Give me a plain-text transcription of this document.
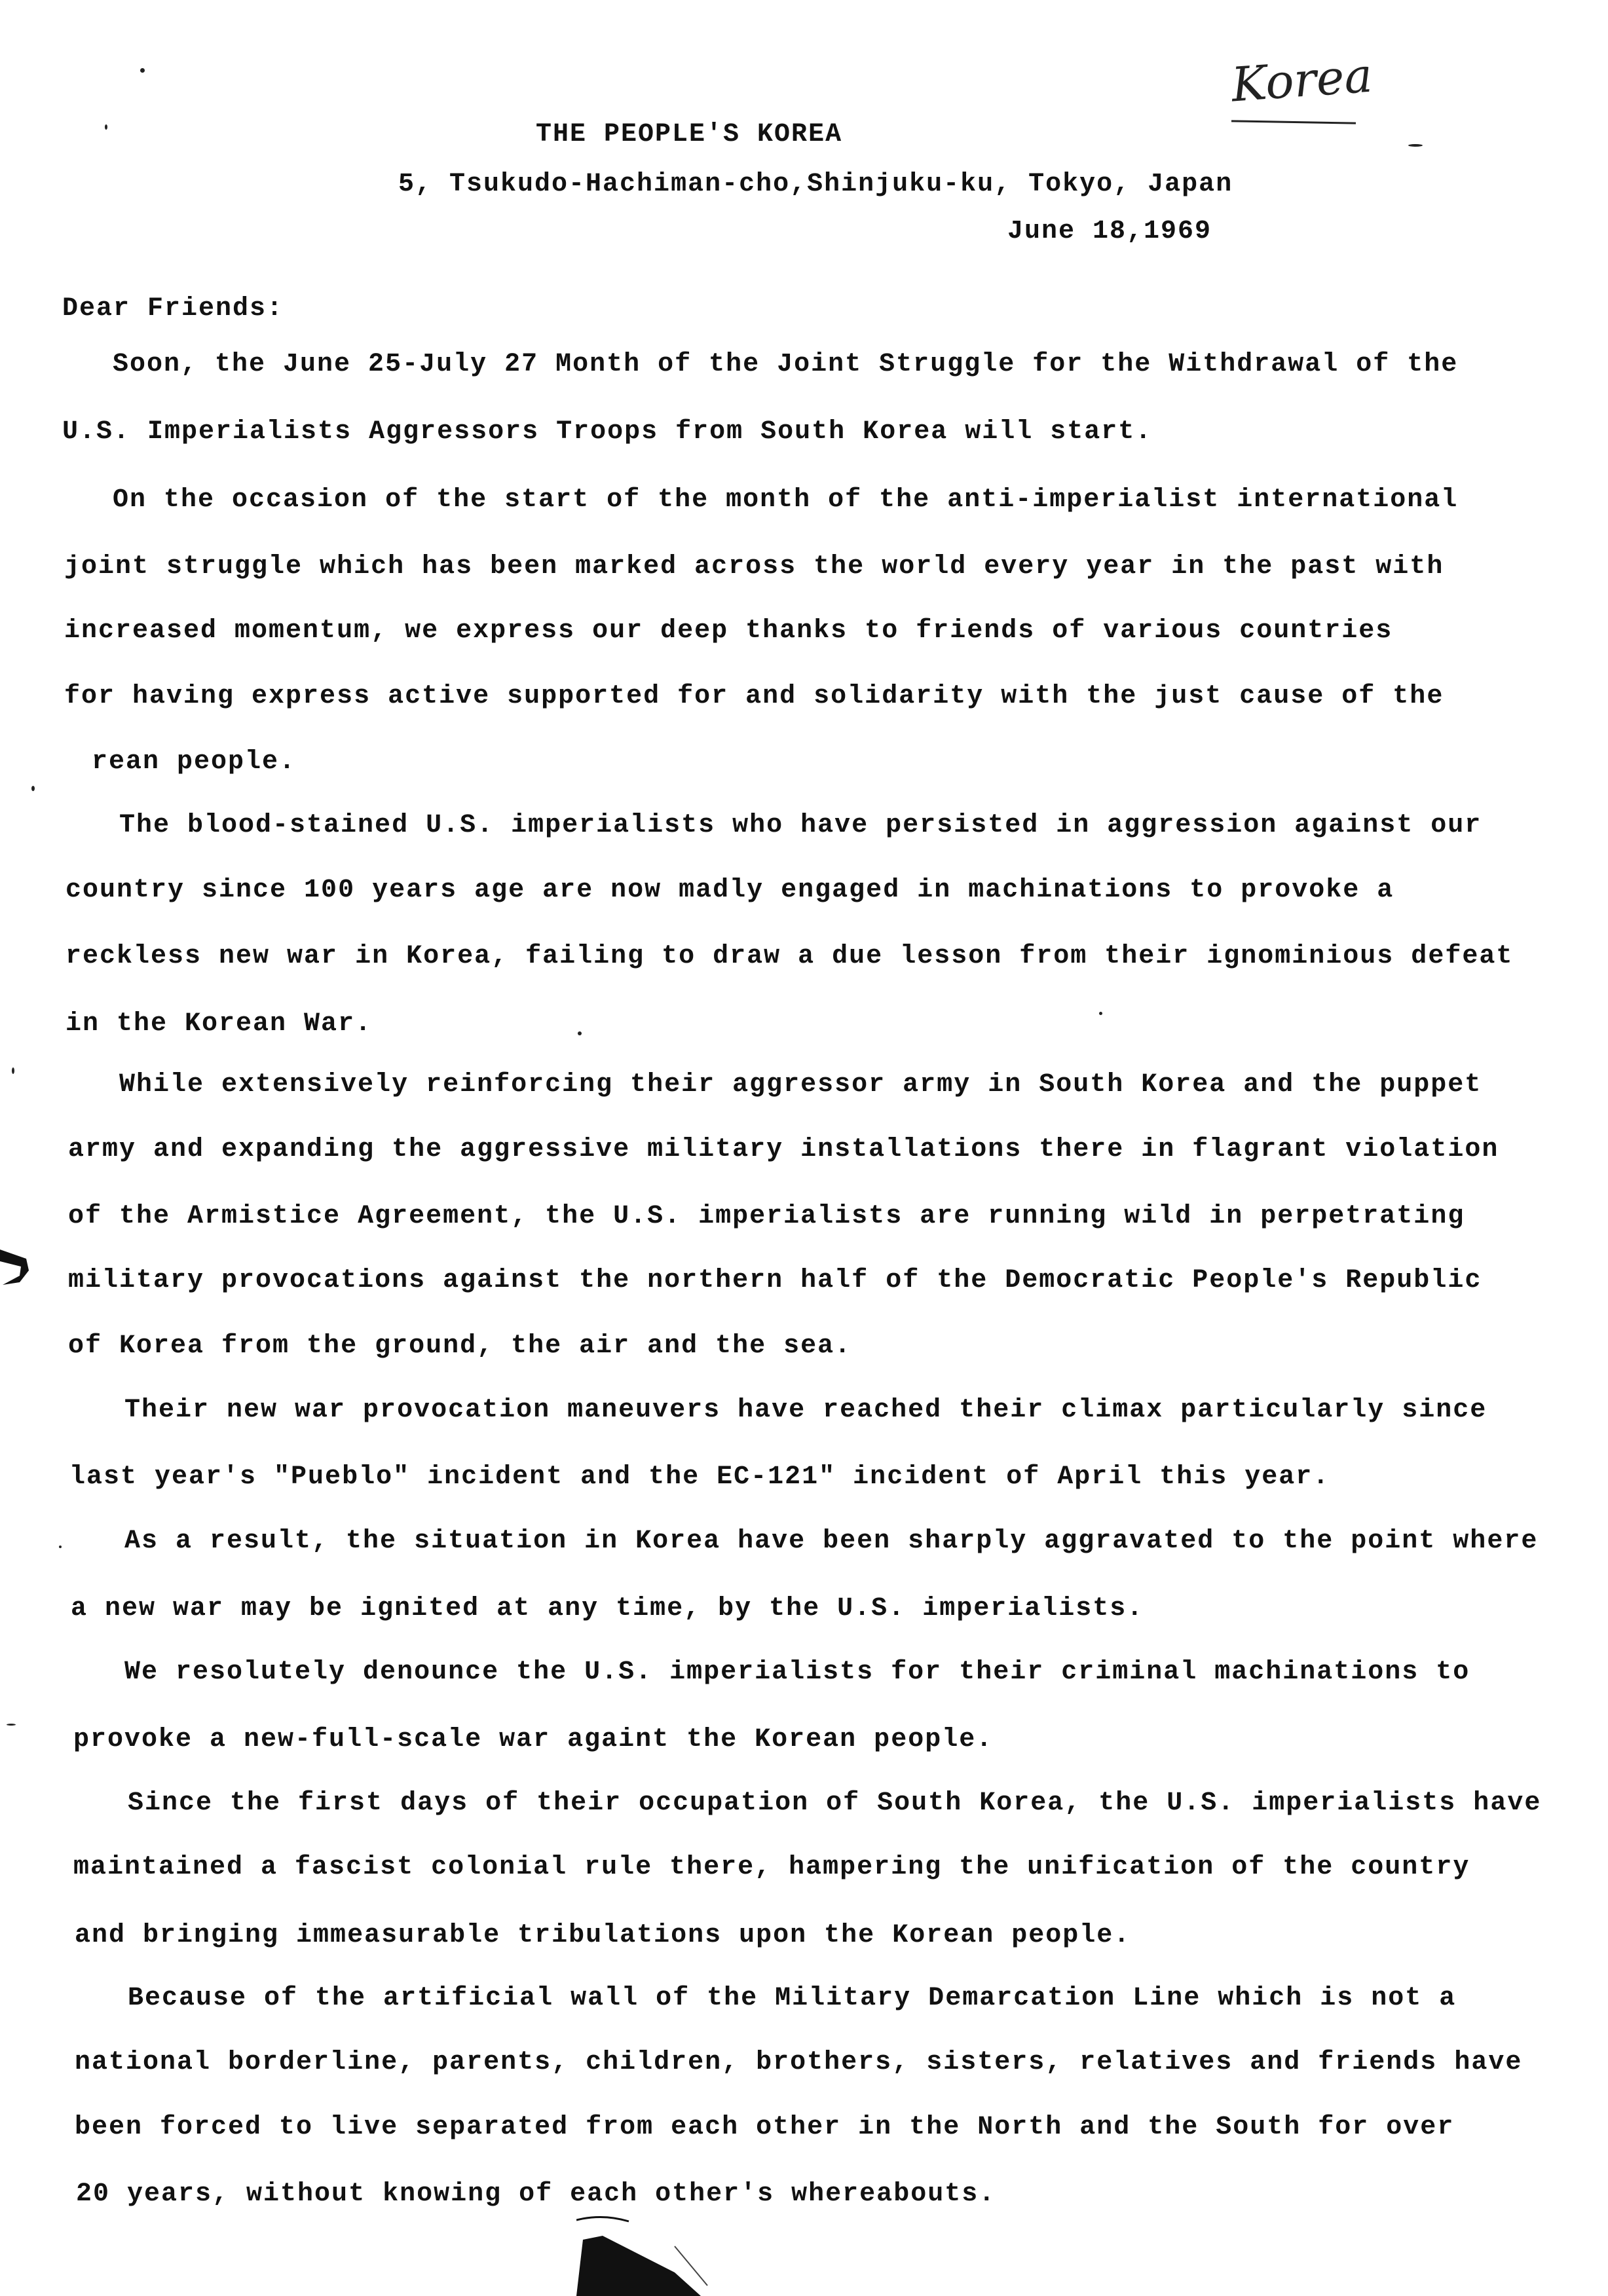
Korea
THE PEOPLE'S KOREA
5, Tsukudo-Hachiman-cho,Shinjuku-ku, Tokyo, Japan
June 18,1969
Dear Friends:
Soon, the June 25-July 27 Month of the Joint Struggle for the Withdrawal of the
U.S. Imperialists Aggressors Troops from South Korea will start.
On the occasion of the start of the month of the anti-imperialist international
joint struggle which has been marked across the world every year in the past with
increased momentum, we express our deep thanks to friends of various countries
for having express active supported for and solidarity with the just cause of the
rean people.
The blood-stained U.S. imperialists who have persisted in aggression against our
country since 100 years age are now madly engaged in machinations to provoke a
reckless new war in Korea, failing to draw a due lesson from their ignominious defeat
in the Korean War.
While extensively reinforcing their aggressor army in South Korea and the puppet
army and expanding the aggressive military installations there in flagrant violation
of the Armistice Agreement, the U.S. imperialists are running wild in perpetrating
military provocations against the northern half of the Democratic People's Republic
of Korea from the ground, the air and the sea.
Their new war provocation maneuvers have reached their climax particularly since
last year's "Pueblo" incident and the EC-121" incident of April this year.
As a result, the situation in Korea have been sharply aggravated to the point where
a new war may be ignited at any time, by the U.S. imperialists.
We resolutely denounce the U.S. imperialists for their criminal machinations to
provoke a new-full-scale war againt the Korean people.
Since the first days of their occupation of South Korea, the U.S. imperialists have
maintained a fascist colonial rule there, hampering the unification of the country
and bringing immeasurable tribulations upon the Korean people.
Because of the artificial wall of the Military Demarcation Line which is not a
national borderline, parents, children, brothers, sisters, relatives and friends have
been forced to live separated from each other in the North and the South for over
20 years, without knowing of each other's whereabouts.
